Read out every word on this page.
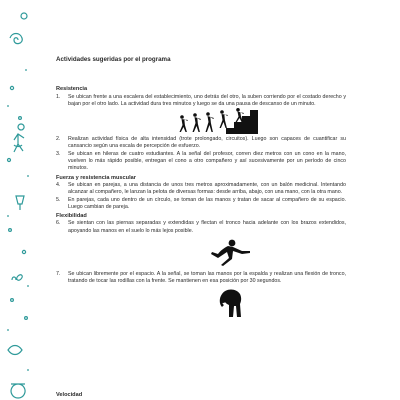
Actividades sugeridas por el programa
Resistencia
1. Se ubican frente a una escalera del establecimiento, uno detrás del otro, la suben corriendo por el costado derecho y bajan por el otro lado. La actividad dura tres minutos y luego se da una pausa de descanso de un minuto.
2. Realizan actividad física de alta intensidad (trote prolongado, circuitos). Luego son capaces de cuantificar su cansancio según una escala de percepción de esfuerzo.
3. Se ubican en hileras de cuatro estudiantes. A la señal del profesor, corren diez metros con un cono en la mano, vuelven lo más rápido posible, entregan el cono a otro compañero y así sucesivamente por un período de cinco minutos.
Fuerza y resistencia muscular
4. Se ubican en parejas, a una distancia de unos tres metros aproximadamente, con un balón medicinal. Intentando alcanzar al compañero, le lanzan la pelota de diversas formas: desde arriba, abajo, con una mano, con la otra mano.
5. En parejas, cada uno dentro de un círculo, se toman de las manos y tratan de sacar al compañero de su espacio. Luego cambian de pareja.
Flexibilidad
6. Se sientan con las piernas separadas y extendidas y flectan el tronco hacia adelante con los brazos extendidos, apoyando las manos en el suelo lo más lejos posible.
7. Se ubican libremente por el espacio. A la señal, se toman las manos por la espalda y realizan una flexión de tronco, tratando de tocar las rodillas con la frente. Se mantienen en esa posición por 30 segundos.
Velocidad
